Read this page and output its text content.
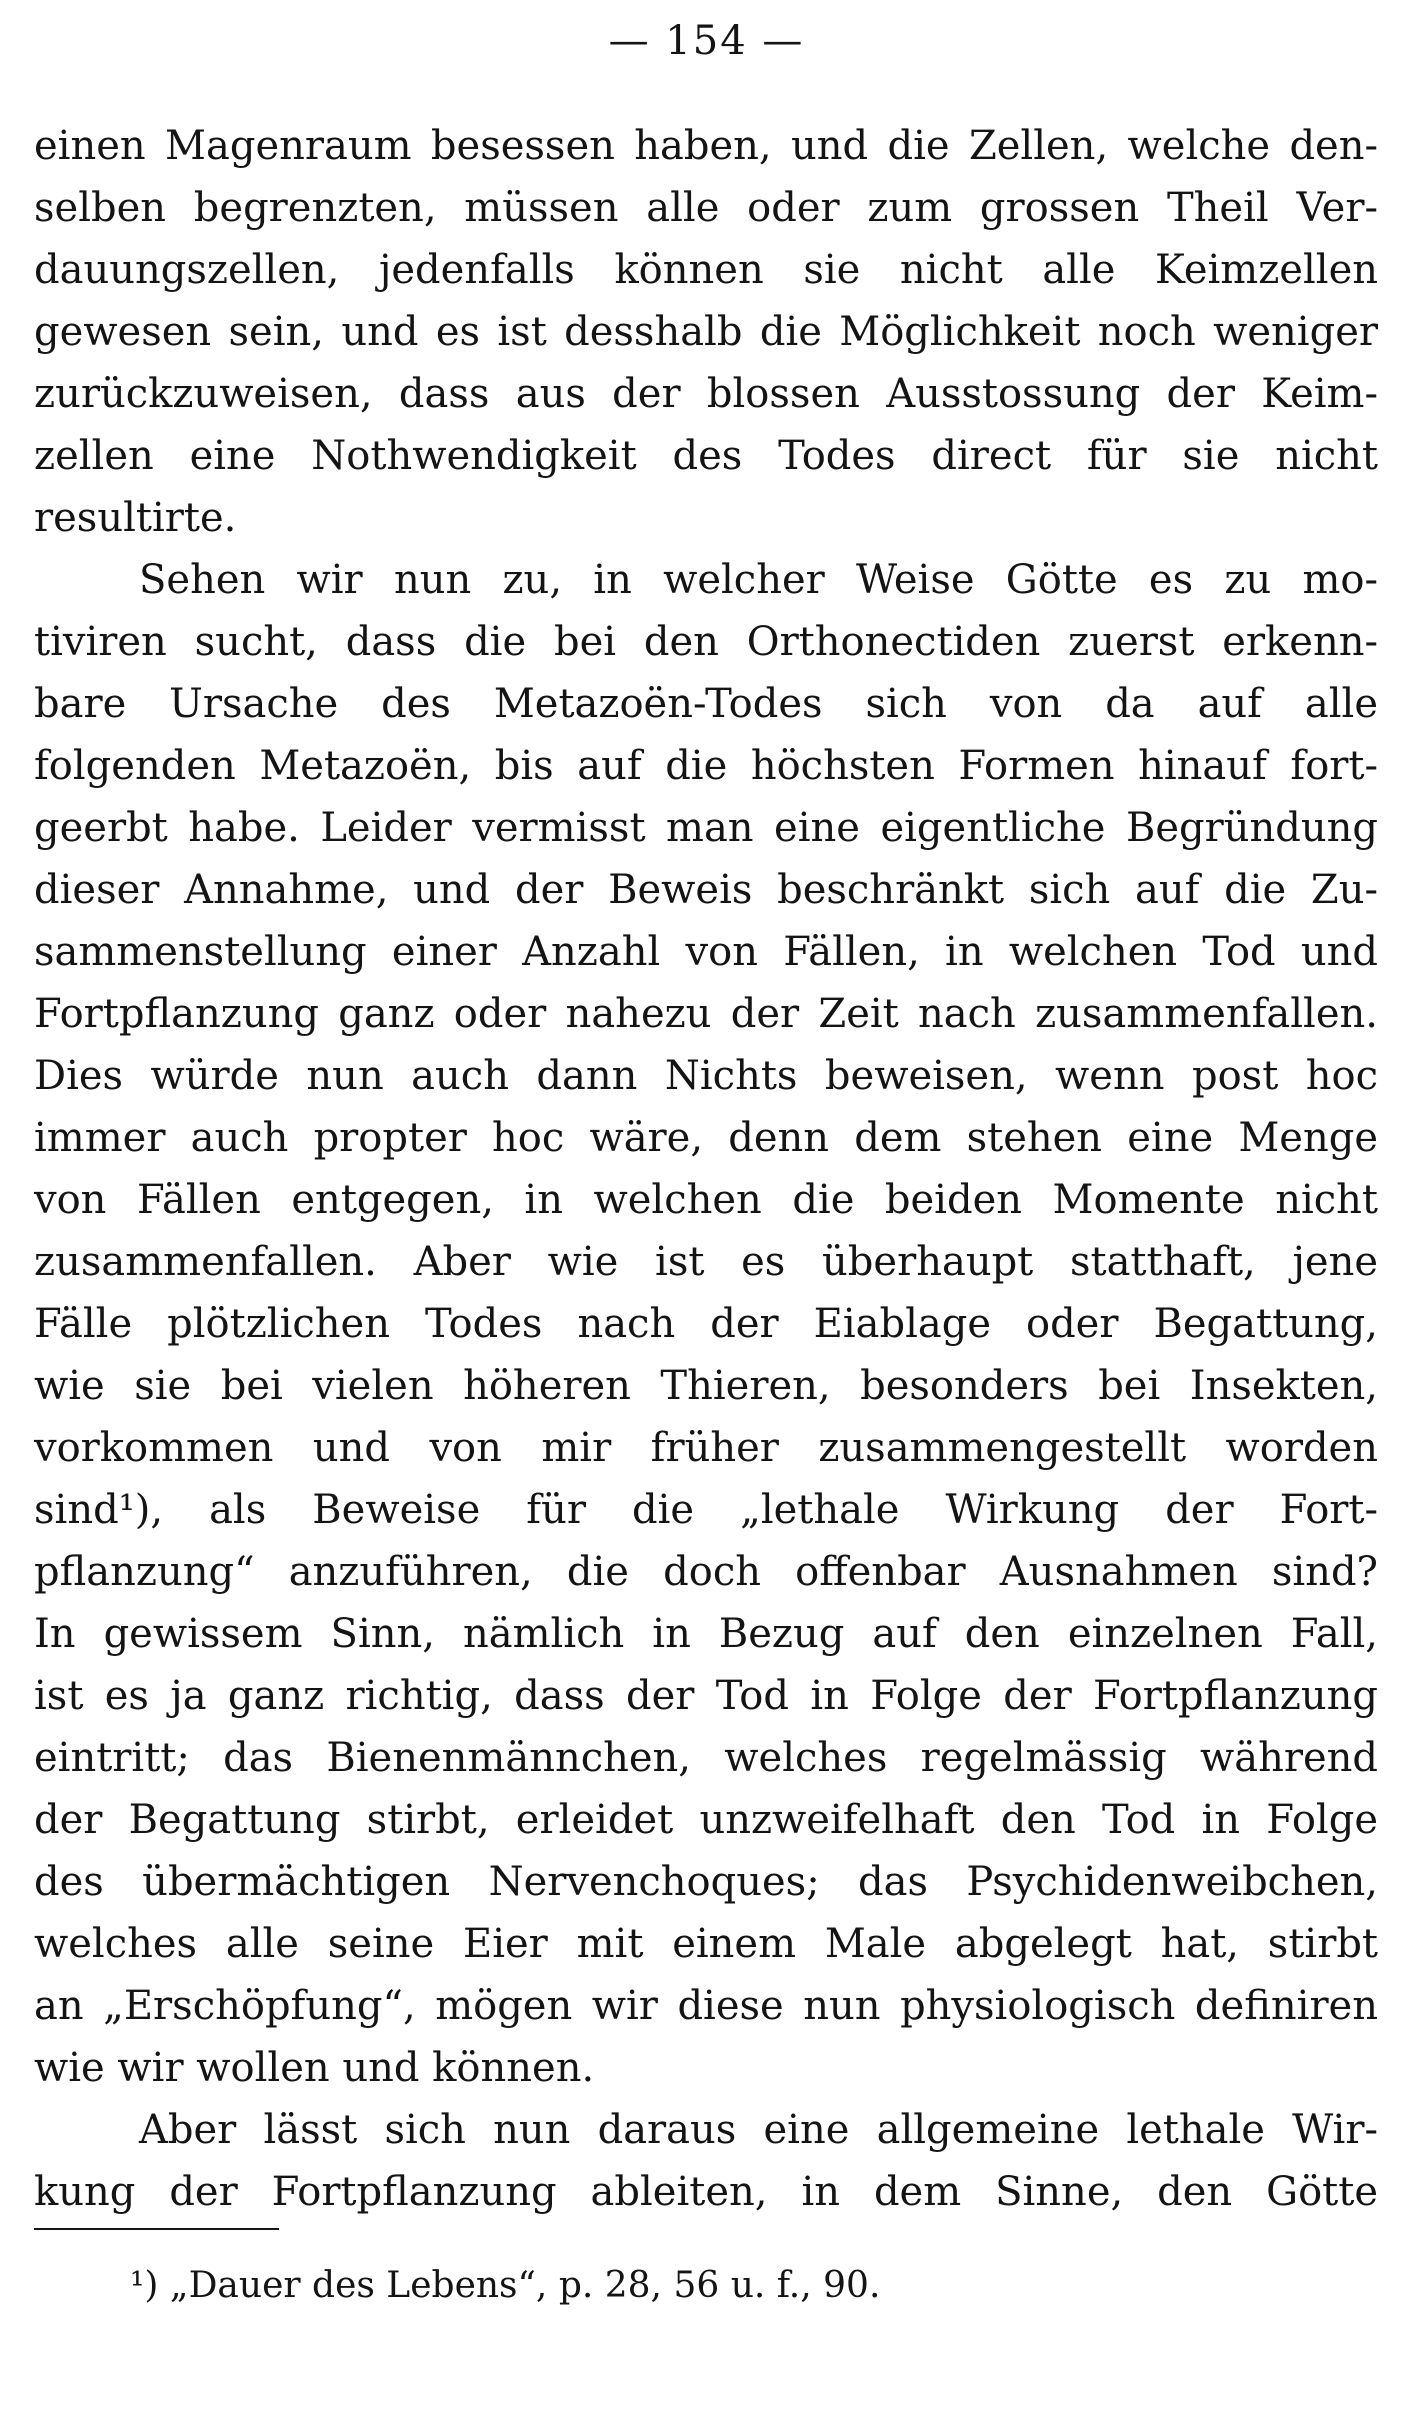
— 154 —
einen Magenraum besessen haben, und die Zellen, welche den-
selben begrenzten, müssen alle oder zum grossen Theil Ver-
dauungszellen, jedenfalls können sie nicht alle Keimzellen
gewesen sein, und es ist desshalb die Möglichkeit noch weniger
zurückzuweisen, dass aus der blossen Ausstossung der Keim-
zellen eine Nothwendigkeit des Todes direct für sie nicht
resultirte.
Sehen wir nun zu, in welcher Weise Götte es zu mo-
tiviren sucht, dass die bei den Orthonectiden zuerst erkenn-
bare Ursache des Metazoën-Todes sich von da auf alle
folgenden Metazoën, bis auf die höchsten Formen hinauf fort-
geerbt habe. Leider vermisst man eine eigentliche Begründung
dieser Annahme, und der Beweis beschränkt sich auf die Zu-
sammenstellung einer Anzahl von Fällen, in welchen Tod und
Fortpflanzung ganz oder nahezu der Zeit nach zusammenfallen.
Dies würde nun auch dann Nichts beweisen, wenn post hoc
immer auch propter hoc wäre, denn dem stehen eine Menge
von Fällen entgegen, in welchen die beiden Momente nicht
zusammenfallen. Aber wie ist es überhaupt statthaft, jene
Fälle plötzlichen Todes nach der Eiablage oder Begattung,
wie sie bei vielen höheren Thieren, besonders bei Insekten,
vorkommen und von mir früher zusammengestellt worden
sind¹), als Beweise für die „lethale Wirkung der Fort-
pflanzung“ anzuführen, die doch offenbar Ausnahmen sind?
In gewissem Sinn, nämlich in Bezug auf den einzelnen Fall,
ist es ja ganz richtig, dass der Tod in Folge der Fortpflanzung
eintritt; das Bienenmännchen, welches regelmässig während
der Begattung stirbt, erleidet unzweifelhaft den Tod in Folge
des übermächtigen Nervenchoques; das Psychidenweibchen,
welches alle seine Eier mit einem Male abgelegt hat, stirbt
an „Erschöpfung“, mögen wir diese nun physiologisch definiren
wie wir wollen und können.
Aber lässt sich nun daraus eine allgemeine lethale Wir-
kung der Fortpflanzung ableiten, in dem Sinne, den Götte
¹) „Dauer des Lebens“, p. 28, 56 u. f., 90.
